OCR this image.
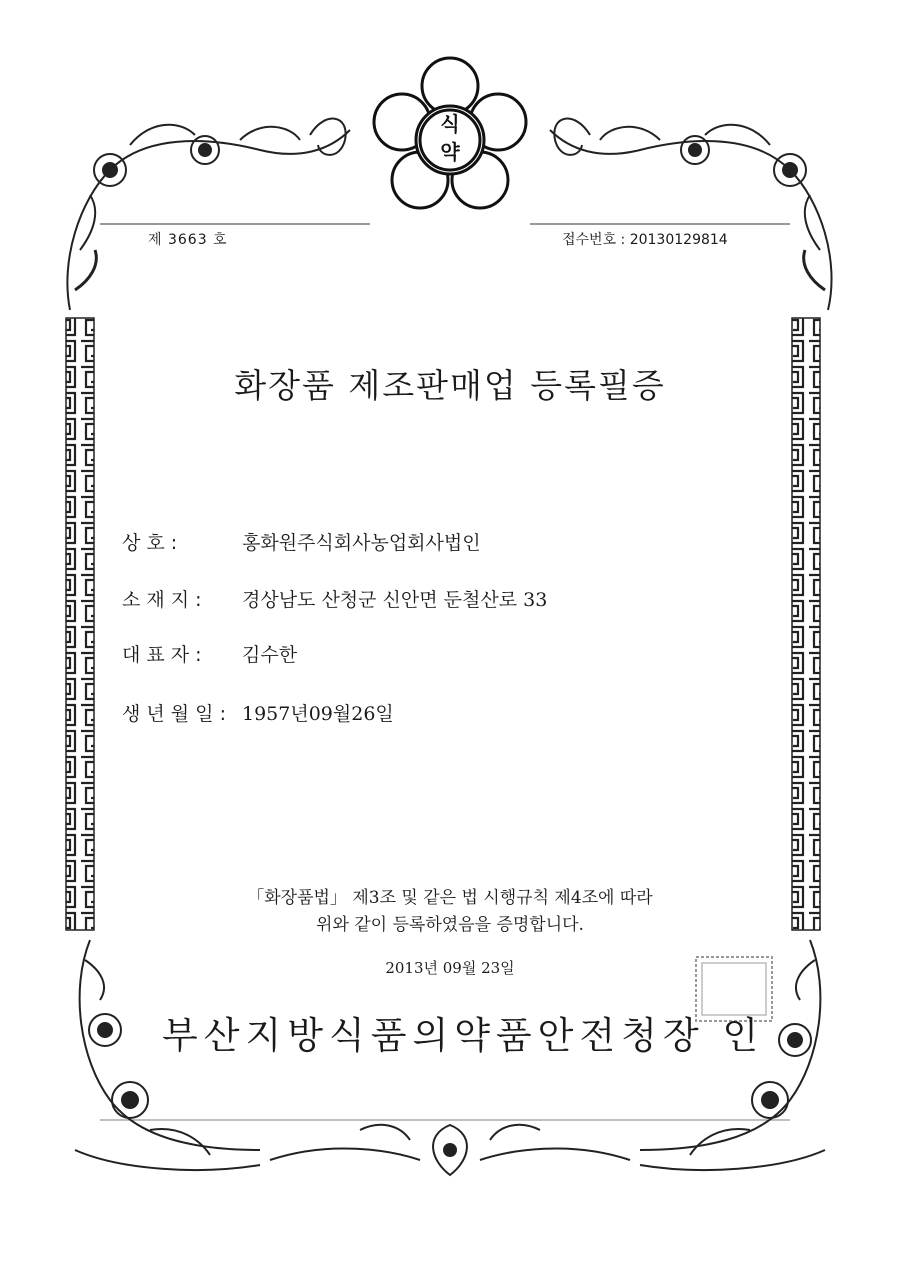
식
약
제 3663 호	접수번호 : 20130129814
화장품 제조판매업 등록필증
상 호 :	홍화원주식회사농업회사법인
소 재 지 :	경상남도 산청군 신안면 둔철산로 33
대 표 자 :	김수한
생 년 월 일 : 1957년09월26일
「화장품법」 제3조 및 같은 법 시행규칙 제4조에 따라
위와 같이 등록하였음을 증명합니다.
2013년 09월 23일
부산지방식품의약품안전청장 인
